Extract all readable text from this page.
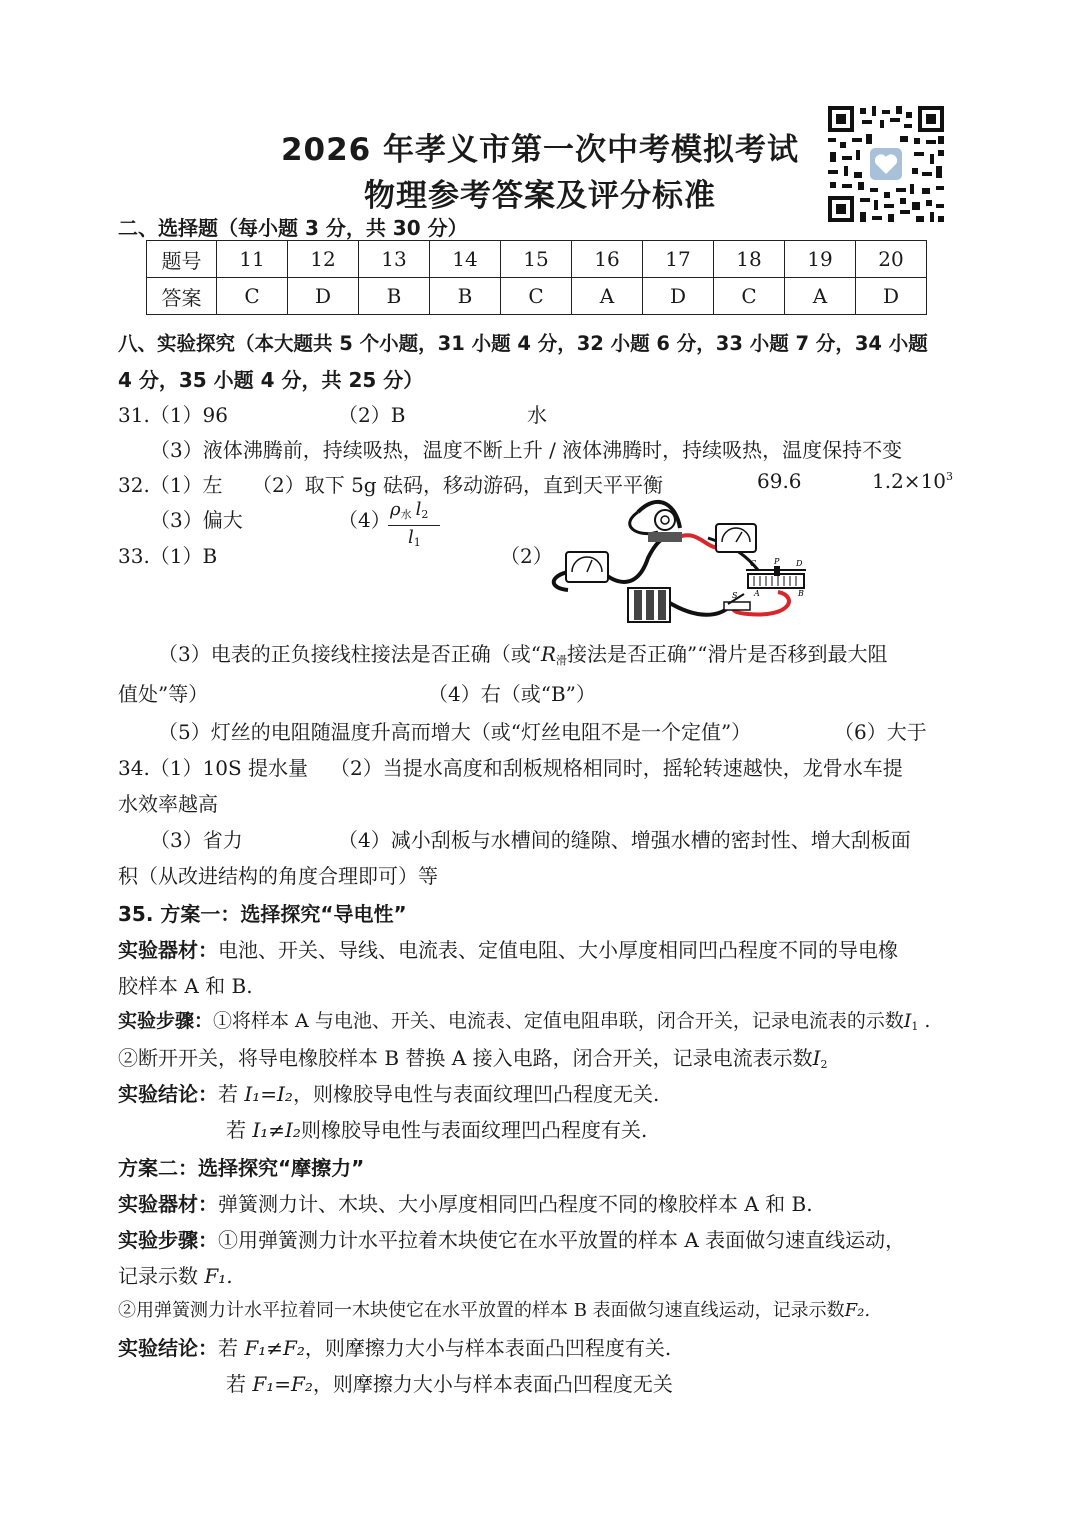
2026 年孝义市第一次中考模拟考试
物理参考答案及评分标准
二、选择题（每小题 3 分，共 30 分）
题号	11	12	13	14	15	16	17	18	19	20
答案	C	D	B	B	C	A	D	C	A	D
八、实验探究（本大题共 5 个小题，31 小题 4 分，32 小题 6 分，33 小题 7 分，34 小题
4 分，35 小题 4 分，共 25 分）
31.（1）96	（2）B	水
（3）液体沸腾前，持续吸热，温度不断上升 / 液体沸腾时，持续吸热，温度保持不变
32.（1）左 （2）取下 5g 砝码，移动游码，直到天平平衡	69.6	$1.2\times 10^3$
（3）偏大	（4） $\rho_水$ $l_2$
$l_1$
33.（1）B	（2）	C P D
A	B
S
（3）电表的正负接线柱接法是否正确（或“$R_滑$接法是否正确”“滑片是否移到最大阻
值处”等）	（4）右（或“B”）
（5）灯丝的电阻随温度升高而增大（或“灯丝电阻不是一个定值”）	（6）大于
34.（1）10S 提水量 （2）当提水高度和刮板规格相同时，摇轮转速越快，龙骨水车提
水效率越高
（3）省力	（4）减小刮板与水槽间的缝隙、增强水槽的密封性、增大刮板面
积（从改进结构的角度合理即可）等
35. 方案一：选择探究“导电性”
实验器材：电池、开关、导线、电流表、定值电阻、大小厚度相同凹凸程度不同的导电橡
胶样本 A 和 B.
实验步骤：①将样本 A 与电池、开关、电流表、定值电阻串联，闭合开关，记录电流表的示数$I_1$ .
②断开开关，将导电橡胶样本 B 替换 A 接入电路，闭合开关，记录电流表示数$I_2$
实验结论：若 I₁=I₂，则橡胶导电性与表面纹理凹凸程度无关.
若 I₁≠I₂则橡胶导电性与表面纹理凹凸程度有关.
方案二：选择探究“摩擦力”
实验器材：弹簧测力计、木块、大小厚度相同凹凸程度不同的橡胶样本 A 和 B.
实验步骤：①用弹簧测力计水平拉着木块使它在水平放置的样本 A 表面做匀速直线运动，
记录示数 F₁.
②用弹簧测力计水平拉着同一木块使它在水平放置的样本 B 表面做匀速直线运动，记录示数F₂.
实验结论：若 F₁≠F₂，则摩擦力大小与样本表面凸凹程度有关.
若 F₁=F₂，则摩擦力大小与样本表面凸凹程度无关
